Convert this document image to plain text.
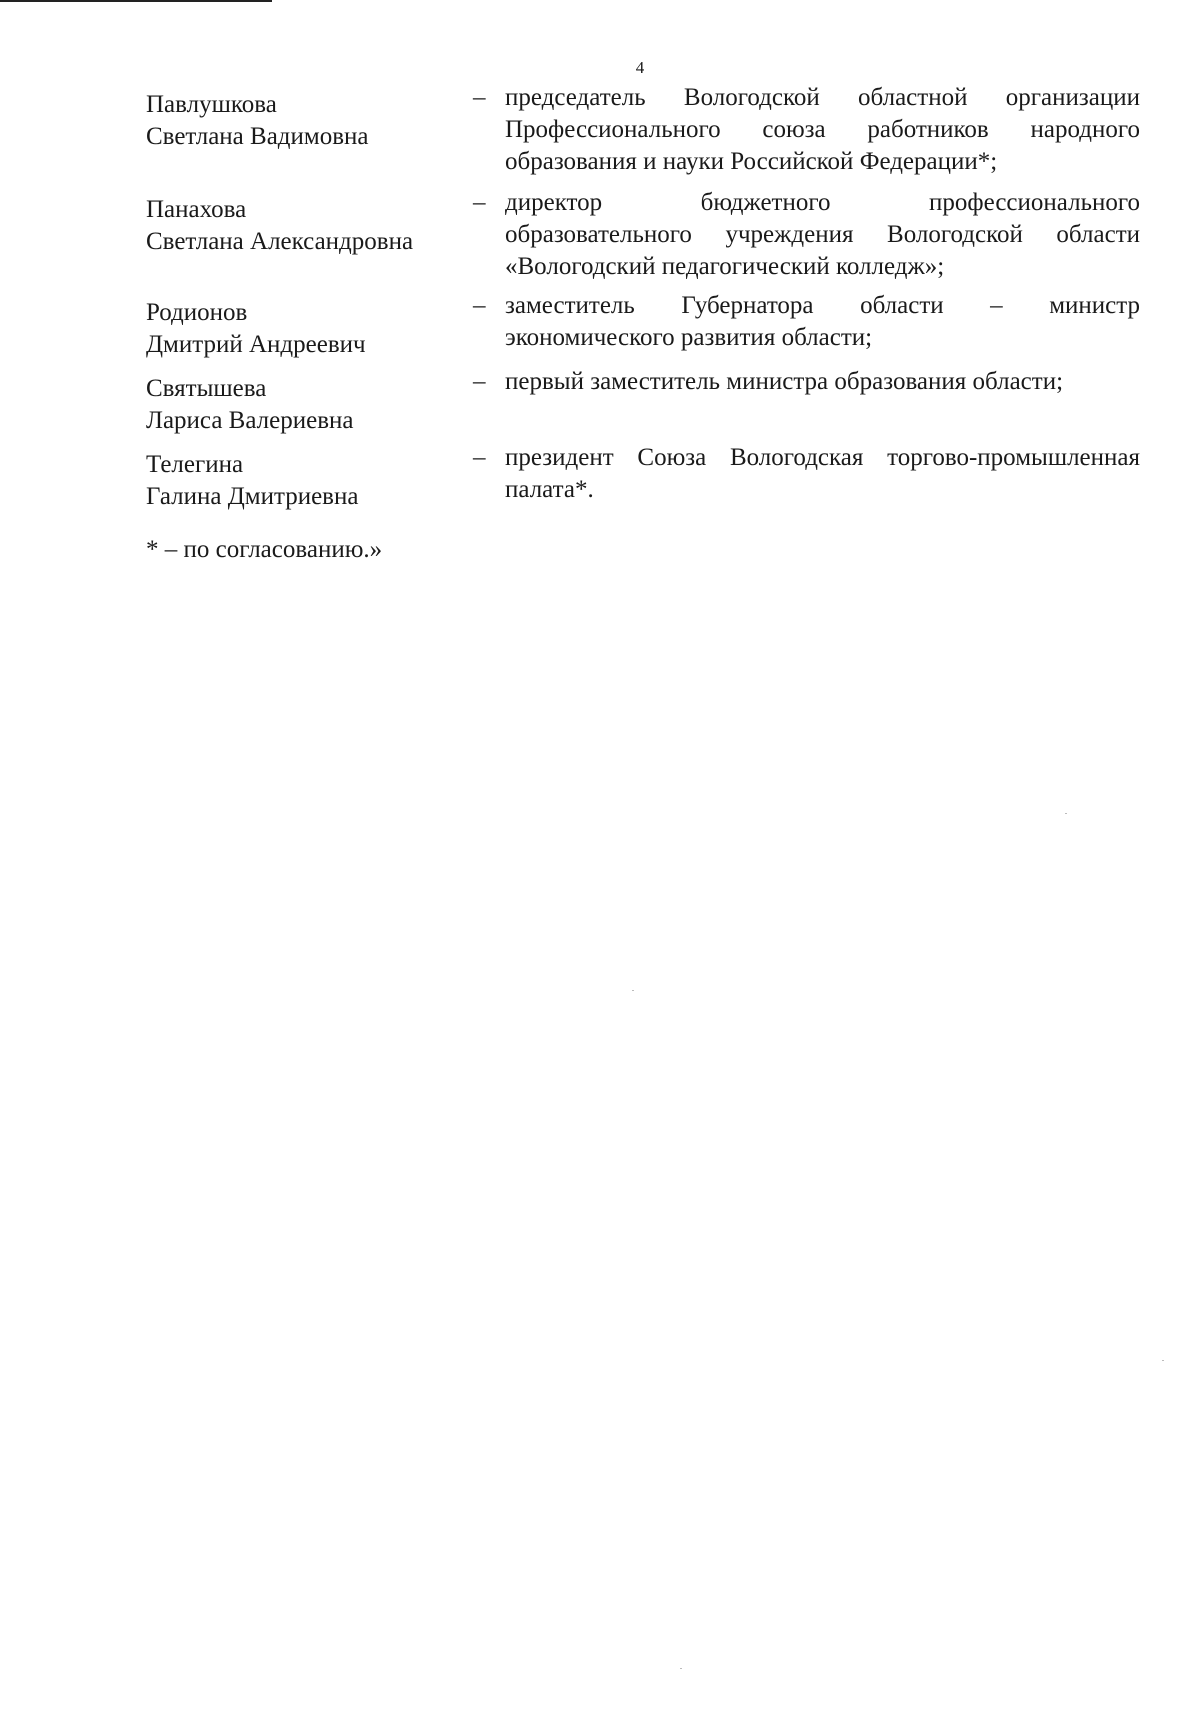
4
Павлушкова
Светлана Вадимовна
– председатель Вологодской областной организации Профессионального союза работников народного образования и науки Российской Федерации*;
Панахова
Светлана Александровна
– директор бюджетного профессионального образовательного учреждения Вологодской области «Вологодский педагогический колледж»;
Родионов
Дмитрий Андреевич
– заместитель Губернатора области – министр экономического развития области;
Святышева
Лариса Валериевна
– первый заместитель министра образования области;
Телегина
Галина Дмитриевна
– президент Союза Вологодская торгово-промышленная палата*.
* – по согласованию.»
